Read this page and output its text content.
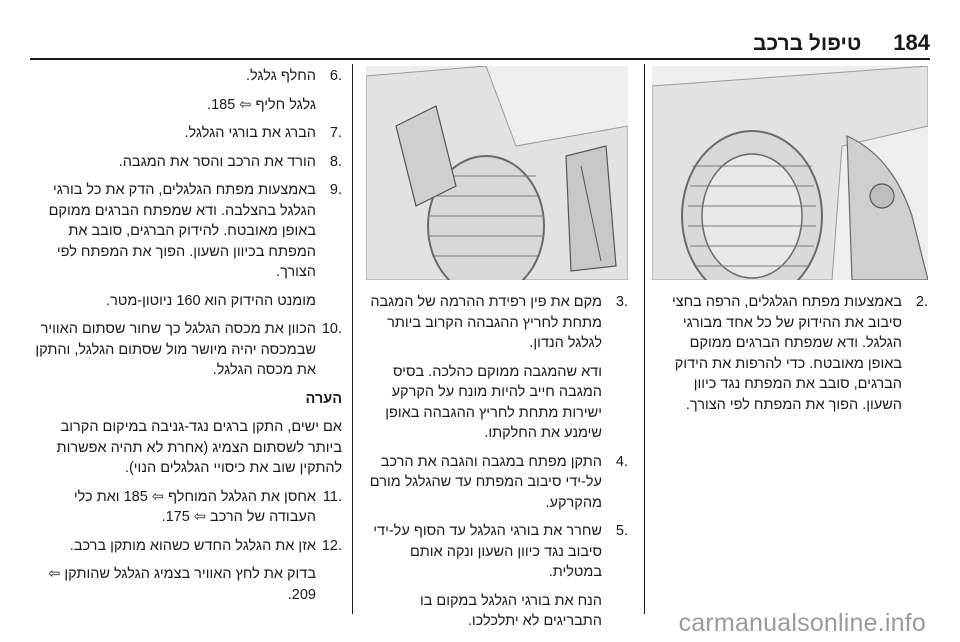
184
טיפול ברכב
.2
באמצעות מפתח הגלגלים, הרפה בחצי סיבוב את ההידוק של כל אחד מבורגי הגלגל. ודא שמפתח הברגים ממוקם באופן מאובטח. כדי להרפות את הידוק הברגים, סובב את המפתח נגד כיוון השעון. הפוך את המפתח לפי הצורך.
.3
מקם את פין רפידת ההרמה של המגבה מתחת לחריץ ההגבהה הקרוב ביותר לגלגל הנדון.

ודא שהמגבה ממוקם כהלכה. בסיס המגבה חייב להיות מונח על הקרקע ישירות מתחת לחריץ ההגבהה באופן שימנע את החלקתו.

.4
התקן מפתח במגבה והגבה את הרכב על-ידי סיבוב המפתח עד שהגלגל מורם מהקרקע.
.5
שחרר את בורגי הגלגל עד הסוף על-ידי סיבוב נגד כיוון השעון ונקה אותם במטלית.

הנח את בורגי הגלגל במקום בו התבריגים לא יתלכלכו.

.6
החלף גלגל.
גלגל חליף ⇦ 185.
.7
הברג את בורגי הגלגל.
.8
הורד את הרכב והסר את המגבה.
.9
באמצעות מפתח הגלגלים, הדק את כל בורגי הגלגל בהצלבה. ודא שמפתח הברגים ממוקם באופן מאובטח. להידוק הברגים, סובב את המפתח בכיוון השעון. הפוך את המפתח לפי הצורך.

מומנט ההידוק הוא 160 ניוטון-מטר.

.10
הכוון את מכסה הגלגל כך שחור שסתום האוויר שבמכסה יהיה מיושר מול שסתום הגלגל, והתקן את מכסה הגלגל.

הערה

אם ישים, התקן ברגים נגד-גניבה במיקום הקרוב ביותר לשסתום הצמיג (אחרת לא תהיה אפשרות להתקין שוב את כיסויי הגלגלים הנוי).

.11
אחסן את הגלגל המוחלף ⇦ 185 ואת כלי העבודה של הרכב ⇦ 175.
.12
אזן את הגלגל החדש כשהוא מותקן ברכב.

בדוק את לחץ האוויר בצמיג הגלגל שהותקן ⇦ 209.

carmanualsonline.info
